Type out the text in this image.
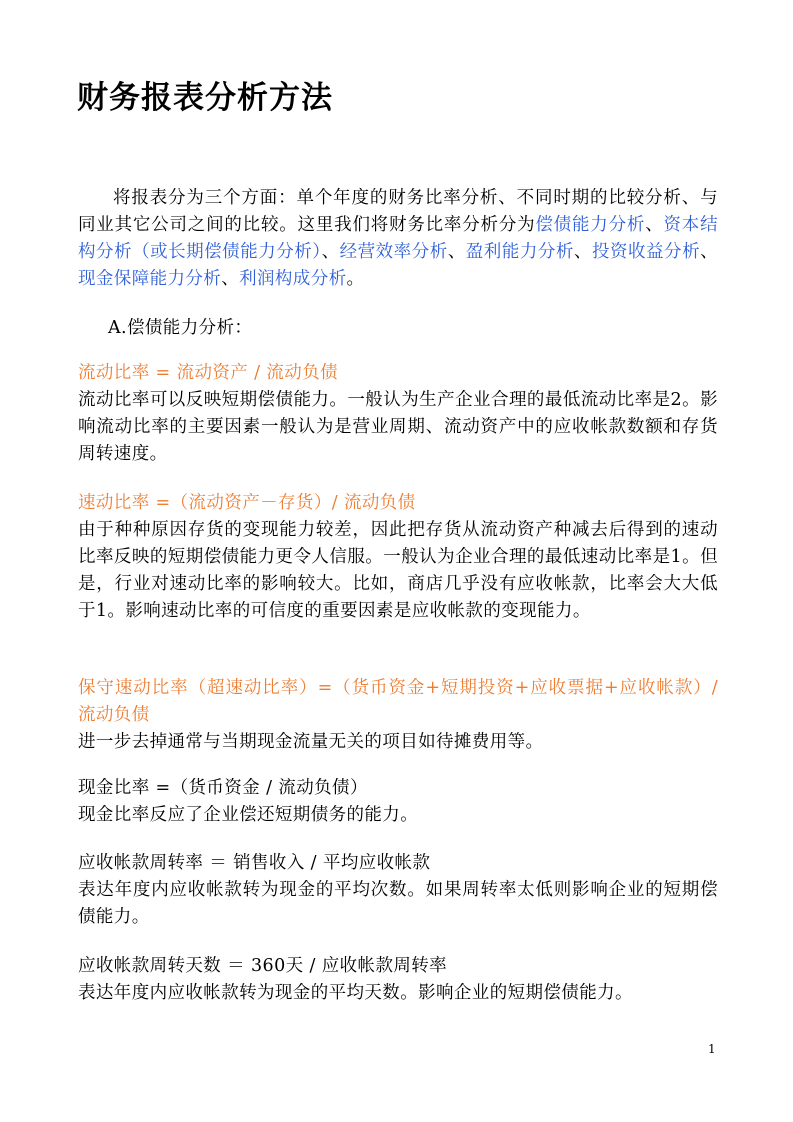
财务报表分析方法
将报表分为三个方面：单个年度的财务比率分析、不同时期的比较分析、与同业其它公司之间的比较。这里我们将财务比率分析分为偿债能力分析、资本结构分析（或长期偿债能力分析）、经营效率分析、盈利能力分析、投资收益分析、现金保障能力分析、利润构成分析。
A.偿债能力分析：
流动比率 = 流动资产 / 流动负债
流动比率可以反映短期偿债能力。一般认为生产企业合理的最低流动比率是2。影响流动比率的主要因素一般认为是营业周期、流动资产中的应收帐款数额和存货周转速度。
速动比率 =（流动资产－存货）/ 流动负债
由于种种原因存货的变现能力较差，因此把存货从流动资产种减去后得到的速动比率反映的短期偿债能力更令人信服。一般认为企业合理的最低速动比率是1。但是，行业对速动比率的影响较大。比如，商店几乎没有应收帐款，比率会大大低于1。影响速动比率的可信度的重要因素是应收帐款的变现能力。
保守速动比率（超速动比率）=（货币资金+短期投资+应收票据+应收帐款）/ 流动负债
进一步去掉通常与当期现金流量无关的项目如待摊费用等。
现金比率 =（货币资金 / 流动负债）
现金比率反应了企业偿还短期债务的能力。
应收帐款周转率 ＝ 销售收入 / 平均应收帐款
表达年度内应收帐款转为现金的平均次数。如果周转率太低则影响企业的短期偿债能力。
应收帐款周转天数 ＝ 360天 / 应收帐款周转率
表达年度内应收帐款转为现金的平均天数。影响企业的短期偿债能力。
1
